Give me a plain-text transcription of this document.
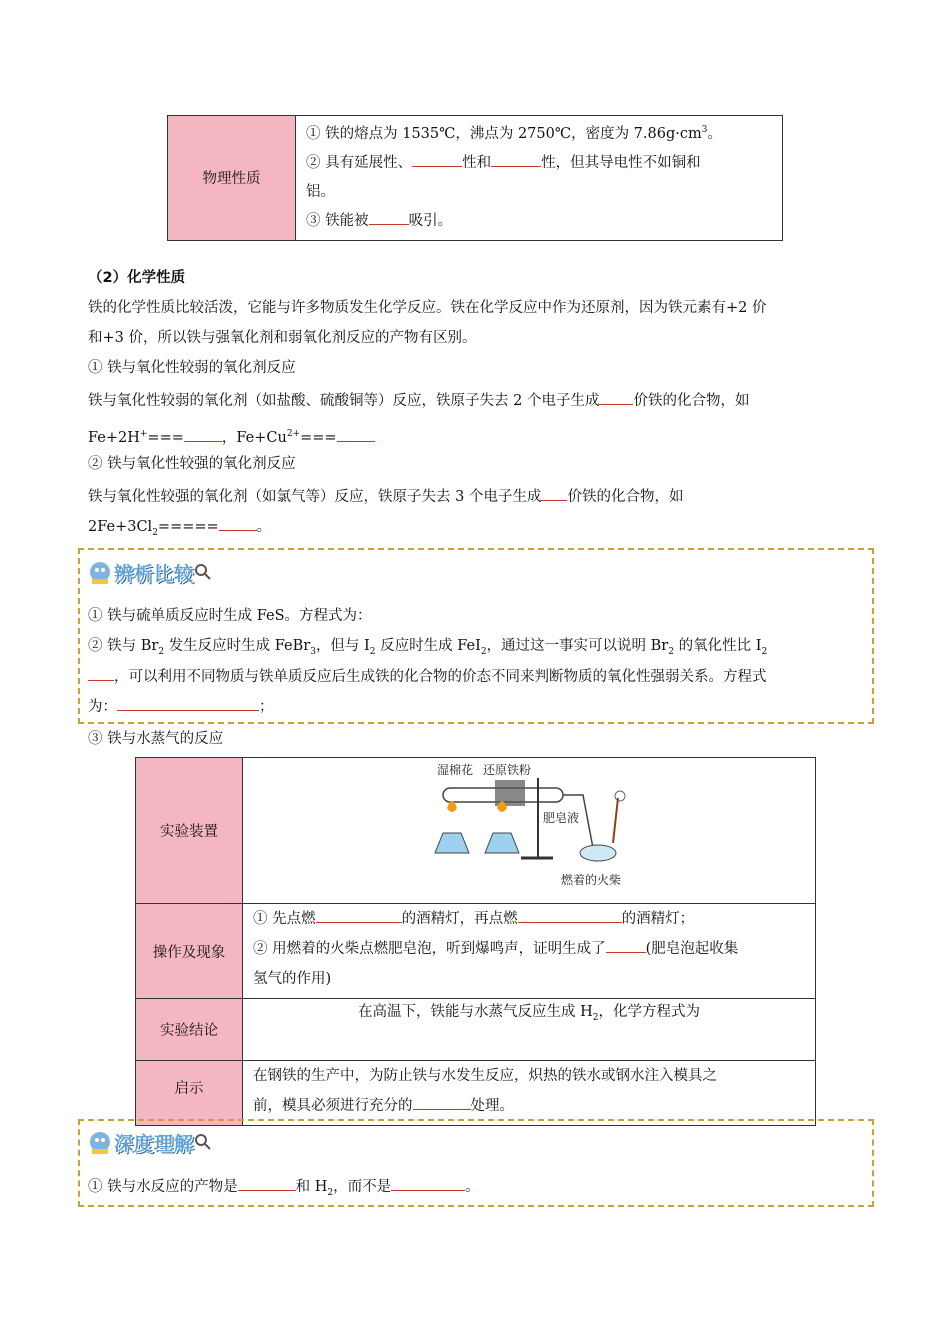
物理性质	
① 铁的熔点为 1535℃，沸点为 2750℃，密度为 $7.86g\cdot cm^3$。
② 具有延展性、	性和	性，但其导电性不如铜和
铝。
③ 铁能被	吸引。
（2）化学性质
铁的化学性质比较活泼，它能与许多物质发生化学反应。铁在化学反应中作为还原剂，因为铁元素有+2 价
和+3 价，所以铁与强氧化剂和弱氧化剂反应的产物有区别。
① 铁与氧化性较弱的氧化剂反应
铁与氧化性较弱的氧化剂（如盐酸、硫酸铜等）反应，铁原子失去 2 个电子生成 价铁的化合物，如
Fe+2H+===	，$Fe+Cu^{2+}===$
② 铁与氧化性较强的氧化剂反应
铁与氧化性较强的氧化剂（如氯气等）反应，铁原子失去 3 个电子生成 价铁的化合物，如
$2Fe+3Cl_2=====$	。
辨析比较
① 铁与硫单质反应时生成 FeS。方程式为：
② 铁与 $Br_2$ 发生反应时生成 FeBr$_3$，但与 $I_2$ 反应时生成 FeI$_2$，通过这一事实可以说明 $Br_2$ 的氧化性比 $I_2$
，可以利用不同物质与铁单质反应后生成铁的化合物的价态不同来判断物质的氧化性强弱关系。方程式
为：	；
③ 铁与水蒸气的反应
实验装置	湿棉花 还原铁粉
肥皂液
燃着的火柴

操作及现象	① 先点燃 的酒精灯，再点燃 的酒精灯；
② 用燃着的火柴点燃肥皂泡，听到爆鸣声，证明生成了 (肥皂泡起收集
氢气的作用)

实验结论	在高温下，铁能与水蒸气反应生成 $H_2$，化学方程式为

启示	在钢铁的生产中，为防止铁与水发生反应，炽热的铁水或钢水注入模具之
前，模具必须进行充分的 处理。
深度理解
① 铁与水反应的产物是	和 $H_2$，而不是	。
